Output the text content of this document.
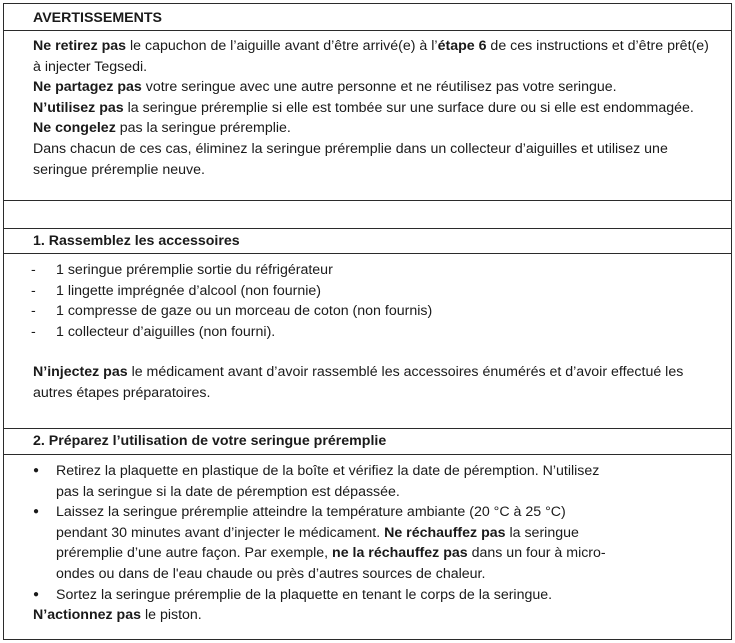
AVERTISSEMENTS
Ne retirez pas le capuchon de l’aiguille avant d’être arrivé(e) à l’étape 6 de ces instructions et d’être prêt(e) à injecter Tegsedi.
Ne partagez pas votre seringue avec une autre personne et ne réutilisez pas votre seringue.
N’utilisez pas la seringue préremplie si elle est tombée sur une surface dure ou si elle est endommagée.
Ne congelez pas la seringue préremplie.
Dans chacun de ces cas, éliminez la seringue préremplie dans un collecteur d’aiguilles et utilisez une seringue préremplie neuve.
1. Rassemblez les accessoires
-	1 seringue préremplie sortie du réfrigérateur
-	1 lingette imprégnée d’alcool (non fournie)
-	1 compresse de gaze ou un morceau de coton (non fournis)
-	1 collecteur d’aiguilles (non fourni).
N’injectez pas le médicament avant d’avoir rassemblé les accessoires énumérés et d’avoir effectué les autres étapes préparatoires.
2. Préparez l’utilisation de votre seringue préremplie
●	Retirez la plaquette en plastique de la boîte et vérifiez la date de péremption. N’utilisez pas la seringue si la date de péremption est dépassée.
●	Laissez la seringue préremplie atteindre la température ambiante (20 °C à 25 °C) pendant 30 minutes avant d’injecter le médicament. Ne réchauffez pas la seringue préremplie d’une autre façon. Par exemple, ne la réchauffez pas dans un four à micro-ondes ou dans de l'eau chaude ou près d’autres sources de chaleur.
●	Sortez la seringue préremplie de la plaquette en tenant le corps de la seringue.
N’actionnez pas le piston.
